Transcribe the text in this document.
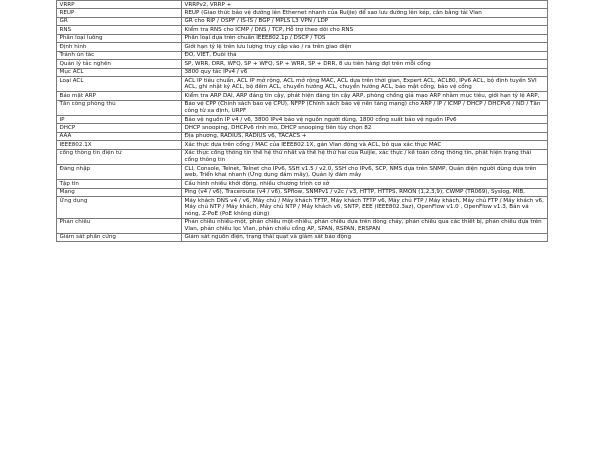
VRRP	VRRPv2, VRRP +
REUP	REUP (Giao thức bảo vệ đường lên Ethernet nhanh của Ruijie) để sao lưu đường lên kép, cân bằng tải Vlan
GR	GR cho RIP / OSPF / IS-IS / BGP / MPLS L3 VPN / LDP
RNS	Kiểm tra RNS cho ICMP / DNS / TCP, Hỗ trợ theo dõi cho RNS
Phân loại luồng	Phân loại dựa trên chuẩn IEEE802.1p / DSCP / TOS
Định hình	Giới hạn tỷ lệ trên lưu lượng truy cập vào / ra trên giao diện
Tránh ùn tắc	ĐỎ, VIẾT, Đuôi thả
Quản lý tắc nghẽn	SP, WRR, DRR, WFQ, SP + WFQ, SP + WRR, SP + DRR, 8 ưu tiên hàng đợi trên mỗi cổng
Mục ACL	3800 quy tắc IPv4 / v6
Loại ACL	ACL IP tiêu chuẩn, ACL IP mở rộng, ACL mở rộng MAC, ACL dựa trên thời gian, Expert ACL, ACL80, IPv6 ACL, bộ định tuyến SVI ACL, ghi nhật ký ACL, bộ đếm ACL, chuyển hướng ACL, chuyển hướng ACL, bảo mật cổng, bảo vệ cổng
Bảo mật ARP	Kiểm tra ARP DAI, ARP đáng tin cậy, phát hiện đáng tin cậy ARP, phòng chống giả mạo ARP nhằm mục tiêu, giới hạn tỷ lệ ARP,
Tấn công phòng thủ	Bảo vệ CPP (Chính sách bảo vệ CPU), NFPP (Chính sách bảo vệ nền tảng mạng) cho ARP / IP / ICMP / DHCP / DHCPv6 / ND / Tấn công từ xa định, URPF
IP	Bảo vệ nguồn IP v4 / v6, 3800 IPv4 bảo vệ nguồn người dùng, 1800 cổng suất bảo vệ nguồn IPv6
DHCP	DHCP snooping, DHCPv6 rình mò, DHCP snooping tiên tùy chọn 82
AAA	Địa phương, RADIUS, RADIUS v6, TACACS +
IEEE802.1X	Xác thực dựa trên cổng / MAC của IEEE802.1X, gán Vlan động và ACL, bỏ qua xác thực MAC
cổng thông tin điện tử	Xác thực cổng thông tin thế hệ thứ nhất và thế hệ thứ hai của Ruijie, xác thực / kế toán cổng thông tin, phát hiện trạng thái cổng thông tin
Đăng nhập	CLI, Console, Telnet, Telnet cho IPv6, SSH v1.5 / v2.0, SSH cho IPv6, SCP, NMS dựa trên SNMP, Quản diện người dùng dựa trên web, Triển khai nhanh (Ứng dụng đám mây), Quản lý đám mây
Tập tin	Cấu hình nhiều khởi động, nhiều chương trình cơ sở
Mạng	Ping (v4 / v6), Traceroute (v4 / v6), SPflow, SNMPv1 / v2c / v3, HTTP, HTTPS, RMON (1,2,3,9), CWMP (TR069), Syslog, MIB,
Ứng dụng	Máy khách DNS v4 / v6, Máy chủ / Máy khách TFTP, Máy khách TFTP v6, Máy chủ FTP / Máy khách, Máy chủ FTP / Máy khách v6, Máy chủ NTP / Máy khách, Máy chủ NTP / Máy khách v6, SNTP, EEE (IEEE802.3az), OpenFlow v1.0 , OpenFlow v1.3, Bản vá nóng, Z-PoE (PoE không dừng)
Phản chiếu	Phản chiếu nhiều-một, phản chiếu một-nhiều, phản chiếu dựa trên dòng chảy, phản chiếu qua các thiết bị, phản chiếu dựa trên Vlan, phản chiếu lọc Vlan, phản chiếu cổng AP, SPAN, RSPAN, ERSPAN
Giám sát phần cứng	Giám sát nguồn điện, trạng thái quạt và giám sát báo động
